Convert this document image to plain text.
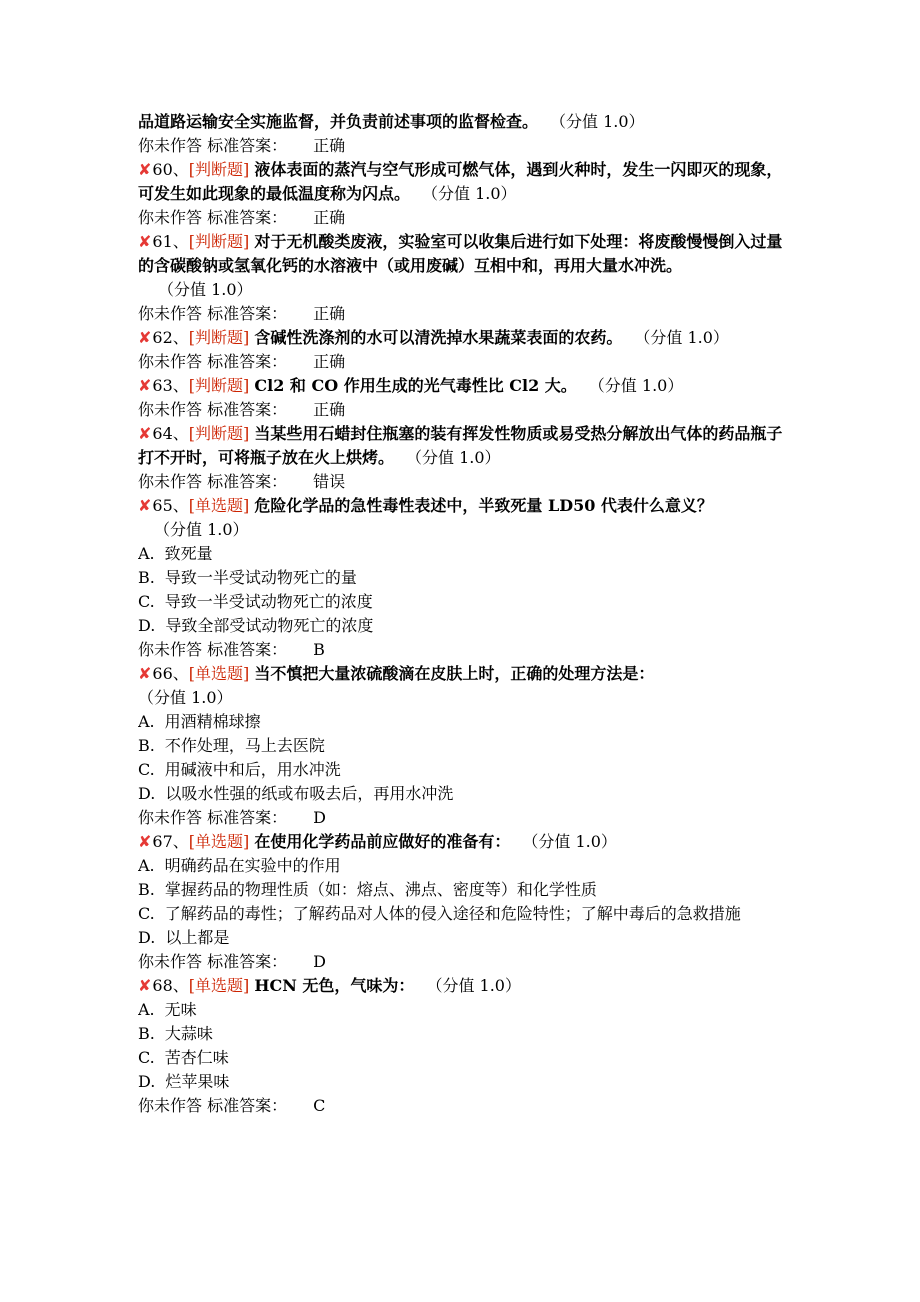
品道路运输安全实施监督，并负责前述事项的监督检查。 （分值 1.0）
你未作答 标准答案： 正确
✘60、[判断题] 液体表面的蒸汽与空气形成可燃气体，遇到火种时，发生一闪即灭的现象，可发生如此现象的最低温度称为闪点。 （分值 1.0）
你未作答 标准答案： 正确
✘61、[判断题] 对于无机酸类废液，实验室可以收集后进行如下处理：将废酸慢慢倒入过量的含碳酸钠或氢氧化钙的水溶液中（或用废碱）互相中和，再用大量水冲洗。（分值 1.0）
你未作答 标准答案： 正确
✘62、[判断题] 含碱性洗涤剂的水可以清洗掉水果蔬菜表面的农药。 （分值 1.0）
你未作答 标准答案： 正确
✘63、[判断题] Cl2 和 CO 作用生成的光气毒性比 Cl2 大。 （分值 1.0）
你未作答 标准答案： 正确
✘64、[判断题] 当某些用石蜡封住瓶塞的装有挥发性物质或易受热分解放出气体的药品瓶子打不开时，可将瓶子放在火上烘烤。 （分值 1.0）
你未作答 标准答案： 错误
✘65、[单选题] 危险化学品的急性毒性表述中，半致死量 LD50 代表什么意义？
（分值 1.0）
A. 致死量
B. 导致一半受试动物死亡的量
C. 导致一半受试动物死亡的浓度
D. 导致全部受试动物死亡的浓度
你未作答 标准答案： B
✘66、[单选题] 当不慎把大量浓硫酸滴在皮肤上时，正确的处理方法是：
（分值 1.0）
A. 用酒精棉球擦
B. 不作处理，马上去医院
C. 用碱液中和后，用水冲洗
D. 以吸水性强的纸或布吸去后，再用水冲洗
你未作答 标准答案： D
✘67、[单选题] 在使用化学药品前应做好的准备有： （分值 1.0）
A. 明确药品在实验中的作用
B. 掌握药品的物理性质（如：熔点、沸点、密度等）和化学性质
C. 了解药品的毒性；了解药品对人体的侵入途径和危险特性；了解中毒后的急救措施
D. 以上都是
你未作答 标准答案： D
✘68、[单选题] HCN 无色，气味为： （分值 1.0）
A. 无味
B. 大蒜味
C. 苦杏仁味
D. 烂苹果味
你未作答 标准答案： C
